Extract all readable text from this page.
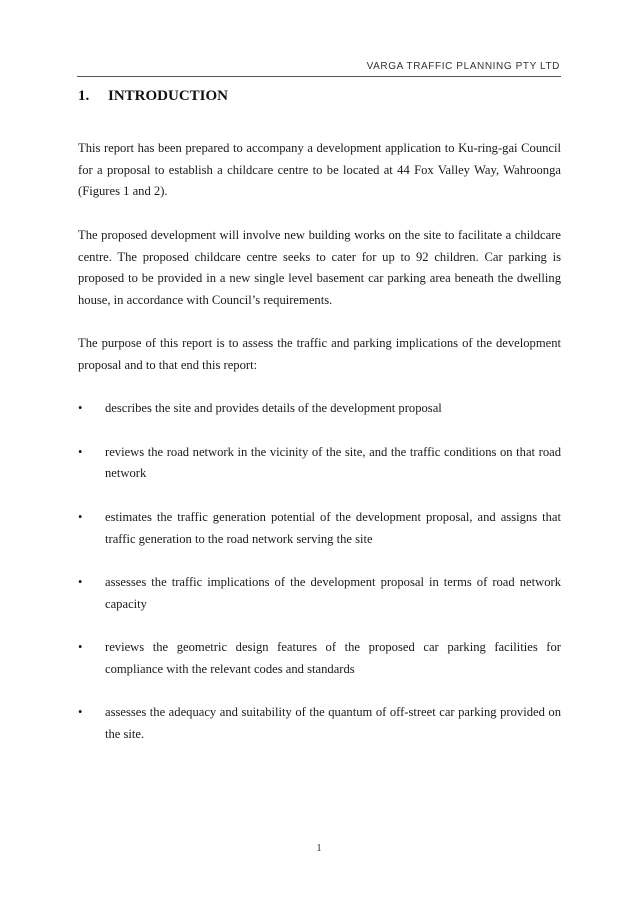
VARGA TRAFFIC PLANNING PTY LTD
1. INTRODUCTION

This report has been prepared to accompany a development application to Ku-ring-gai Council for a proposal to establish a childcare centre to be located at 44 Fox Valley Way, Wahroonga (Figures 1 and 2).

The proposed development will involve new building works on the site to facilitate a childcare centre. The proposed childcare centre seeks to cater for up to 92 children. Car parking is proposed to be provided in a new single level basement car parking area beneath the dwelling house, in accordance with Council’s requirements.

The purpose of this report is to assess the traffic and parking implications of the development proposal and to that end this report:

• describes the site and provides details of the development proposal
• reviews the road network in the vicinity of the site, and the traffic conditions on that road network
• estimates the traffic generation potential of the development proposal, and assigns that traffic generation to the road network serving the site
• assesses the traffic implications of the development proposal in terms of road network capacity
• reviews the geometric design features of the proposed car parking facilities for compliance with the relevant codes and standards
• assesses the adequacy and suitability of the quantum of off-street car parking provided on the site.
1
